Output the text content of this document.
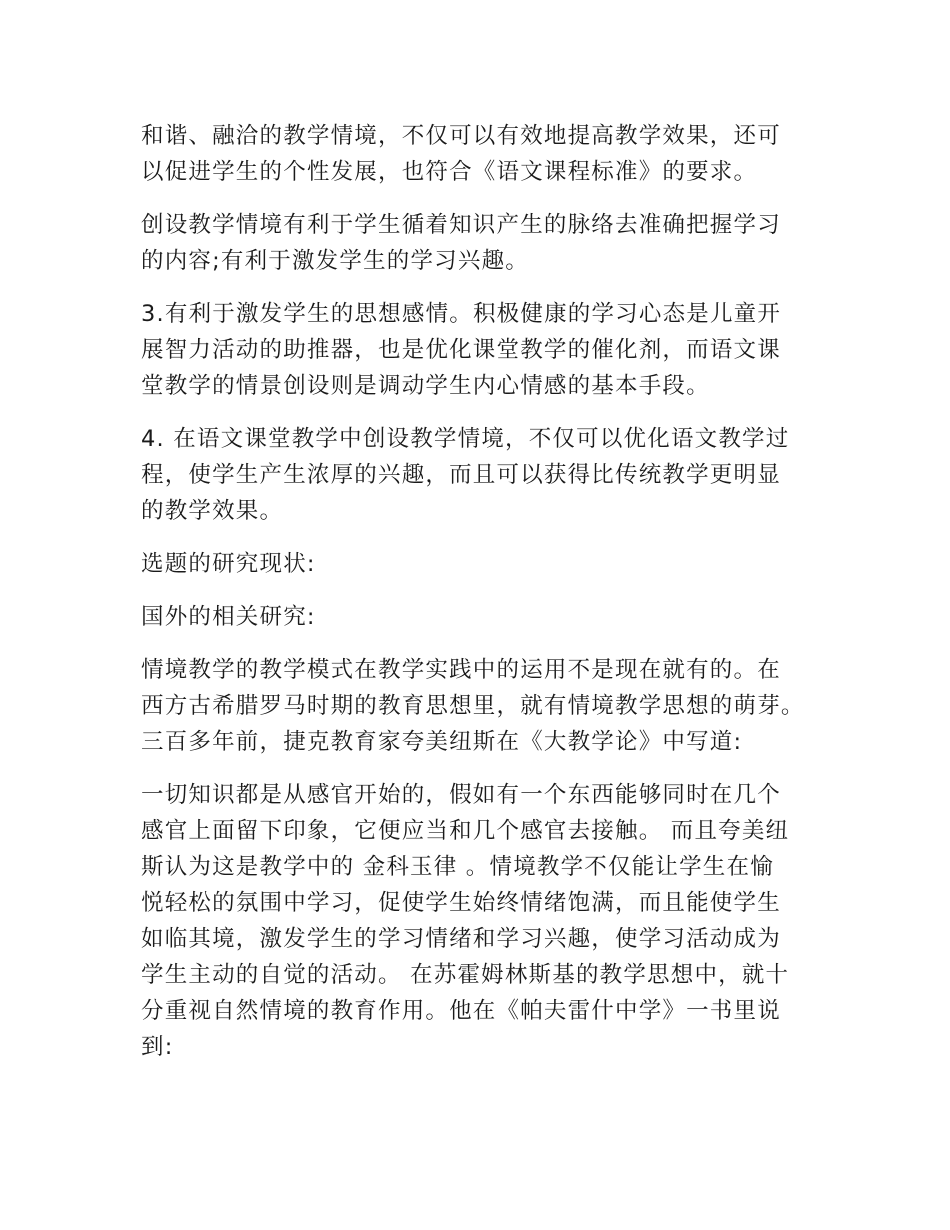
和谐、融洽的教学情境，不仅可以有效地提高教学效果，还可
以促进学生的个性发展，也符合《语文课程标准》的要求。

创设教学情境有利于学生循着知识产生的脉络去准确把握学习
的内容;有利于激发学生的学习兴趣。

3.有利于激发学生的思想感情。积极健康的学习心态是儿童开
展智力活动的助推器，也是优化课堂教学的催化剂，而语文课
堂教学的情景创设则是调动学生内心情感的基本手段。

4. 在语文课堂教学中创设教学情境，不仅可以优化语文教学过
程，使学生产生浓厚的兴趣，而且可以获得比传统教学更明显
的教学效果。

选题的研究现状:

国外的相关研究:

情境教学的教学模式在教学实践中的运用不是现在就有的。在
西方古希腊罗马时期的教育思想里，就有情境教学思想的萌芽。
三百多年前，捷克教育家夸美纽斯在《大教学论》中写道:

一切知识都是从感官开始的，假如有一个东西能够同时在几个
感官上面留下印象，它便应当和几个感官去接触。 而且夸美纽
斯认为这是教学中的 金科玉律 。情境教学不仅能让学生在愉
悦轻松的氛围中学习，促使学生始终情绪饱满，而且能使学生
如临其境，激发学生的学习情绪和学习兴趣，使学习活动成为
学生主动的自觉的活动。 在苏霍姆林斯基的教学思想中，就十
分重视自然情境的教育作用。他在《帕夫雷什中学》一书里说
到:
